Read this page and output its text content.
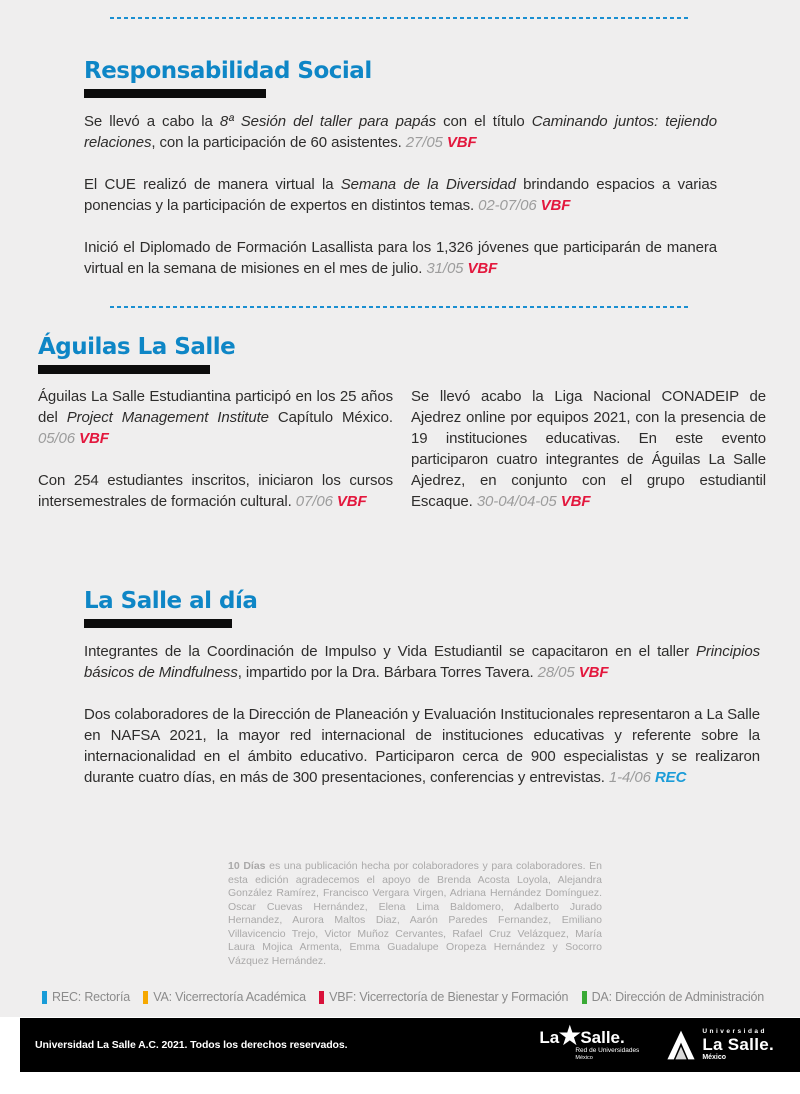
Responsabilidad Social

Se llevó a cabo la 8ª Sesión del taller para papás con el título Caminando juntos: tejiendo relaciones, con la participación de 60 asistentes. 27/05 VBF

El CUE realizó de manera virtual la Semana de la Diversidad brindando espacios a varias ponencias y la participación de expertos en distintos temas. 02-07/06 VBF

Inició el Diplomado de Formación Lasallista para los 1,326 jóvenes que participarán de manera virtual en la semana de misiones en el mes de julio. 31/05 VBF

Águilas La Salle

Águilas La Salle Estudiantina participó en los 25 años del Project Management Institute Capítulo México. 05/06 VBF

Con 254 estudiantes inscritos, iniciaron los cursos intersemestrales de formación cultural. 07/06 VBF

Se llevó acabo la Liga Nacional CONADEIP de Ajedrez online por equipos 2021, con la presencia de 19 instituciones educativas. En este evento participaron cuatro integrantes de Águilas La Salle Ajedrez, en conjunto con el grupo estudiantil Escaque. 30-04/04-05 VBF

La Salle al día

Integrantes de la Coordinación de Impulso y Vida Estudiantil se capacitaron en el taller Principios básicos de Mindfulness, impartido por la Dra. Bárbara Torres Tavera. 28/05 VBF

Dos colaboradores de la Dirección de Planeación y Evaluación Institucionales representaron a La Salle en NAFSA 2021, la mayor red internacional de instituciones educativas y referente sobre la internacionalidad en el ámbito educativo. Participaron cerca de 900 especialistas y se realizaron durante cuatro días, en más de 300 presentaciones, conferencias y entrevistas. 1-4/06 REC

10 Días es una publicación hecha por colaboradores y para colaboradores. En esta edición agradecemos el apoyo de Brenda Acosta Loyola, Alejandra González Ramírez, Francisco Vergara Virgen, Adriana Hernández Domínguez. Oscar Cuevas Hernández, Elena Lima Baldomero, Adalberto Jurado Hernandez, Aurora Maltos Diaz, Aarón Paredes Fernandez, Emiliano Villavicencio Trejo, Victor Muñoz Cervantes, Rafael Cruz Velázquez, María Laura Mojica Armenta, Emma Guadalupe Oropeza Hernández y Socorro Vázquez Hernández.

REC: Rectoría VA: Vicerrectoría Académica VBF: Vicerrectoría de Bienestar y Formación DA: Dirección de Administración
Universidad La Salle A.C. 2021. Todos los derechos reservados.	La
★
Salle.
Red de Universidades
México
Universidad
La Salle.
México
